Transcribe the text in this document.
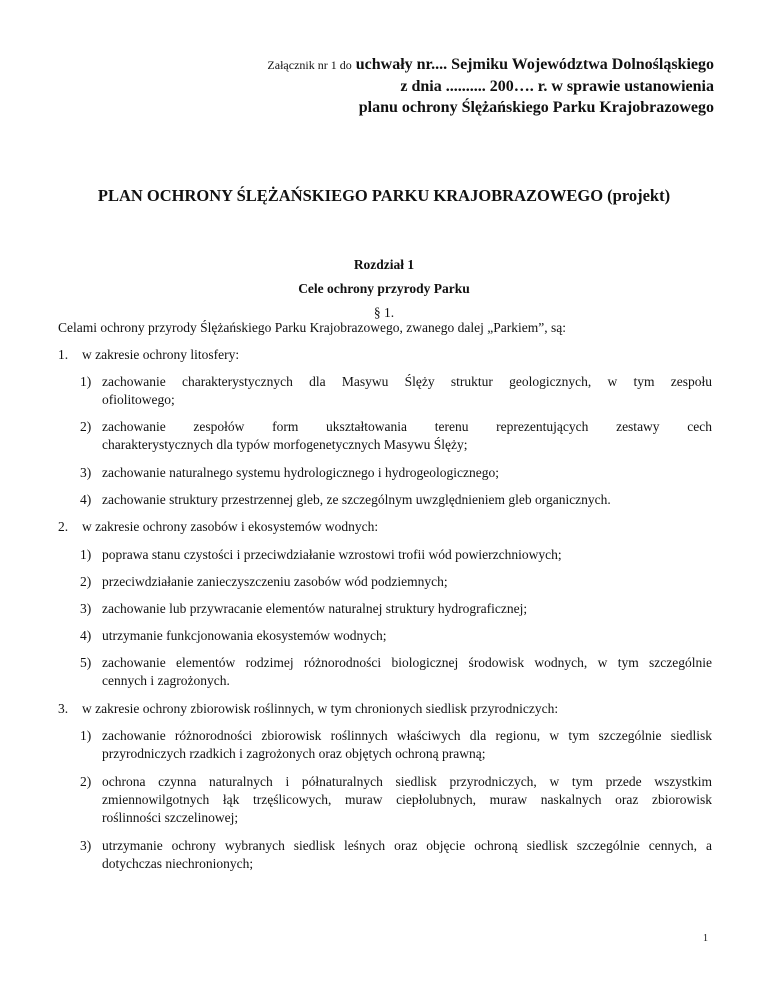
Załącznik nr 1 do uchwały nr.... Sejmiku Województwa Dolnośląskiego
z dnia .......... 200…. r. w sprawie ustanowienia
planu ochrony Ślężańskiego Parku Krajobrazowego
PLAN OCHRONY ŚLĘŻAŃSKIEGO PARKU KRAJOBRAZOWEGO (projekt)
Rozdział 1
Cele ochrony przyrody Parku
§ 1.
Celami ochrony przyrody Ślężańskiego Parku Krajobrazowego, zwanego dalej „Parkiem”, są:
1. w zakresie ochrony litosfery:
1) zachowanie charakterystycznych dla Masywu Ślęży struktur geologicznych, w tym zespołu
ofiolitowego;
2) zachowanie zespołów form ukształtowania terenu reprezentujących zestawy cech
charakterystycznych dla typów morfogenetycznych Masywu Ślęży;
3) zachowanie naturalnego systemu hydrologicznego i hydrogeologicznego;
4) zachowanie struktury przestrzennej gleb, ze szczególnym uwzględnieniem gleb organicznych.
2. w zakresie ochrony zasobów i ekosystemów wodnych:
1) poprawa stanu czystości i przeciwdziałanie wzrostowi trofii wód powierzchniowych;
2) przeciwdziałanie zanieczyszczeniu zasobów wód podziemnych;
3) zachowanie lub przywracanie elementów naturalnej struktury hydrograficznej;
4) utrzymanie funkcjonowania ekosystemów wodnych;
5) zachowanie elementów rodzimej różnorodności biologicznej środowisk wodnych, w tym szczególnie
cennych i zagrożonych.
3. w zakresie ochrony zbiorowisk roślinnych, w tym chronionych siedlisk przyrodniczych:
1) zachowanie różnorodności zbiorowisk roślinnych właściwych dla regionu, w tym szczególnie siedlisk
przyrodniczych rzadkich i zagrożonych oraz objętych ochroną prawną;
2) ochrona czynna naturalnych i półnaturalnych siedlisk przyrodniczych, w tym przede wszystkim
zmiennowilgotnych łąk trzęślicowych, muraw ciepłolubnych, muraw naskalnych oraz zbiorowisk
roślinności szczelinowej;
3) utrzymanie ochrony wybranych siedlisk leśnych oraz objęcie ochroną siedlisk szczególnie cennych, a
dotychczas niechronionych;
1
